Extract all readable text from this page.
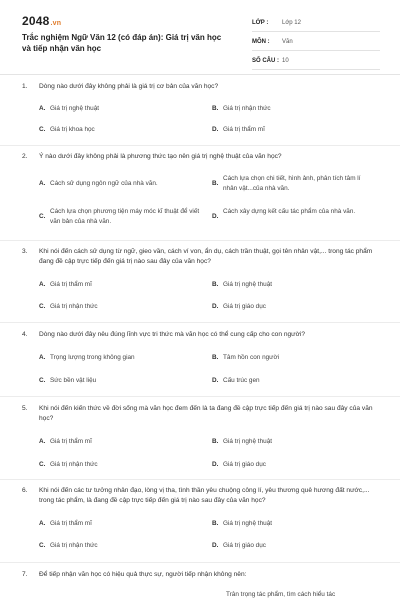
2048.vn
Trắc nghiệm Ngữ Văn 12 (có đáp án): Giá trị văn học và tiếp nhận văn học
LỚP : Lớp 12
MÔN : Văn
SỐ CÂU : 10
1. Dòng nào dưới đây không phải là giá trị cơ bản của văn học?
A. Giá trị nghệ thuật	B. Giá trị nhận thức
C. Giá trị khoa học	D. Giá trị thẩm mĩ
2. Ý nào dưới đây không phải là phương thức tạo nên giá trị nghệ thuật của văn học?
A. Cách sử dụng ngôn ngữ của nhà văn.	B.
Cách lựa chọn chi tiết, hình ảnh, phân tích tâm lí nhân vật...của nhà văn.
C.
Cách lựa chọn phương tiện máy móc kĩ thuật để viết văn bản của nhà văn.
D.
Cách xây dựng kết cấu tác phẩm của nhà văn.
3. Khi nói đến cách sử dụng từ ngữ, gieo vần, cách ví von, ẩn dụ, cách trần thuật, gọi tên nhân vật,... trong tác phẩm đang đề cập trực tiếp đến giá trị nào sau đây của văn học?
A. Giá trị thẩm mĩ	B. Giá trị nghệ thuật
C. Giá trị nhận thức	D. Giá trị giáo dục
4. Dòng nào dưới đây nêu đúng lĩnh vực tri thức mà văn học có thể cung cấp cho con người?
A. Trọng lượng trong không gian	B. Tâm hồn con người
C. Sức bền vật liệu	D. Cấu trúc gen
5. Khi nói đến kiến thức về đời sống mà văn học đem đến là ta đang đề cập trực tiếp đến giá trị nào sau đây của văn học?
A. Giá trị thẩm mĩ	B. Giá trị nghệ thuật
C. Giá trị nhận thức	D. Giá trị giáo dục
6. Khi nói đến các tư tưởng nhân đạo, lòng vị tha, tình thần yêu chuộng công lí, yêu thương quê hương đất nước,... trong tác phẩm, là đang đề cập trực tiếp đến giá trị nào sau đây của văn học?
A. Giá trị thẩm mĩ	B. Giá trị nghệ thuật
C. Giá trị nhận thức	D. Giá trị giáo dục
7. Để tiếp nhận văn học có hiệu quả thực sự, người tiếp nhận không nên:
Trân trọng tác phẩm, tìm cách hiểu tác
